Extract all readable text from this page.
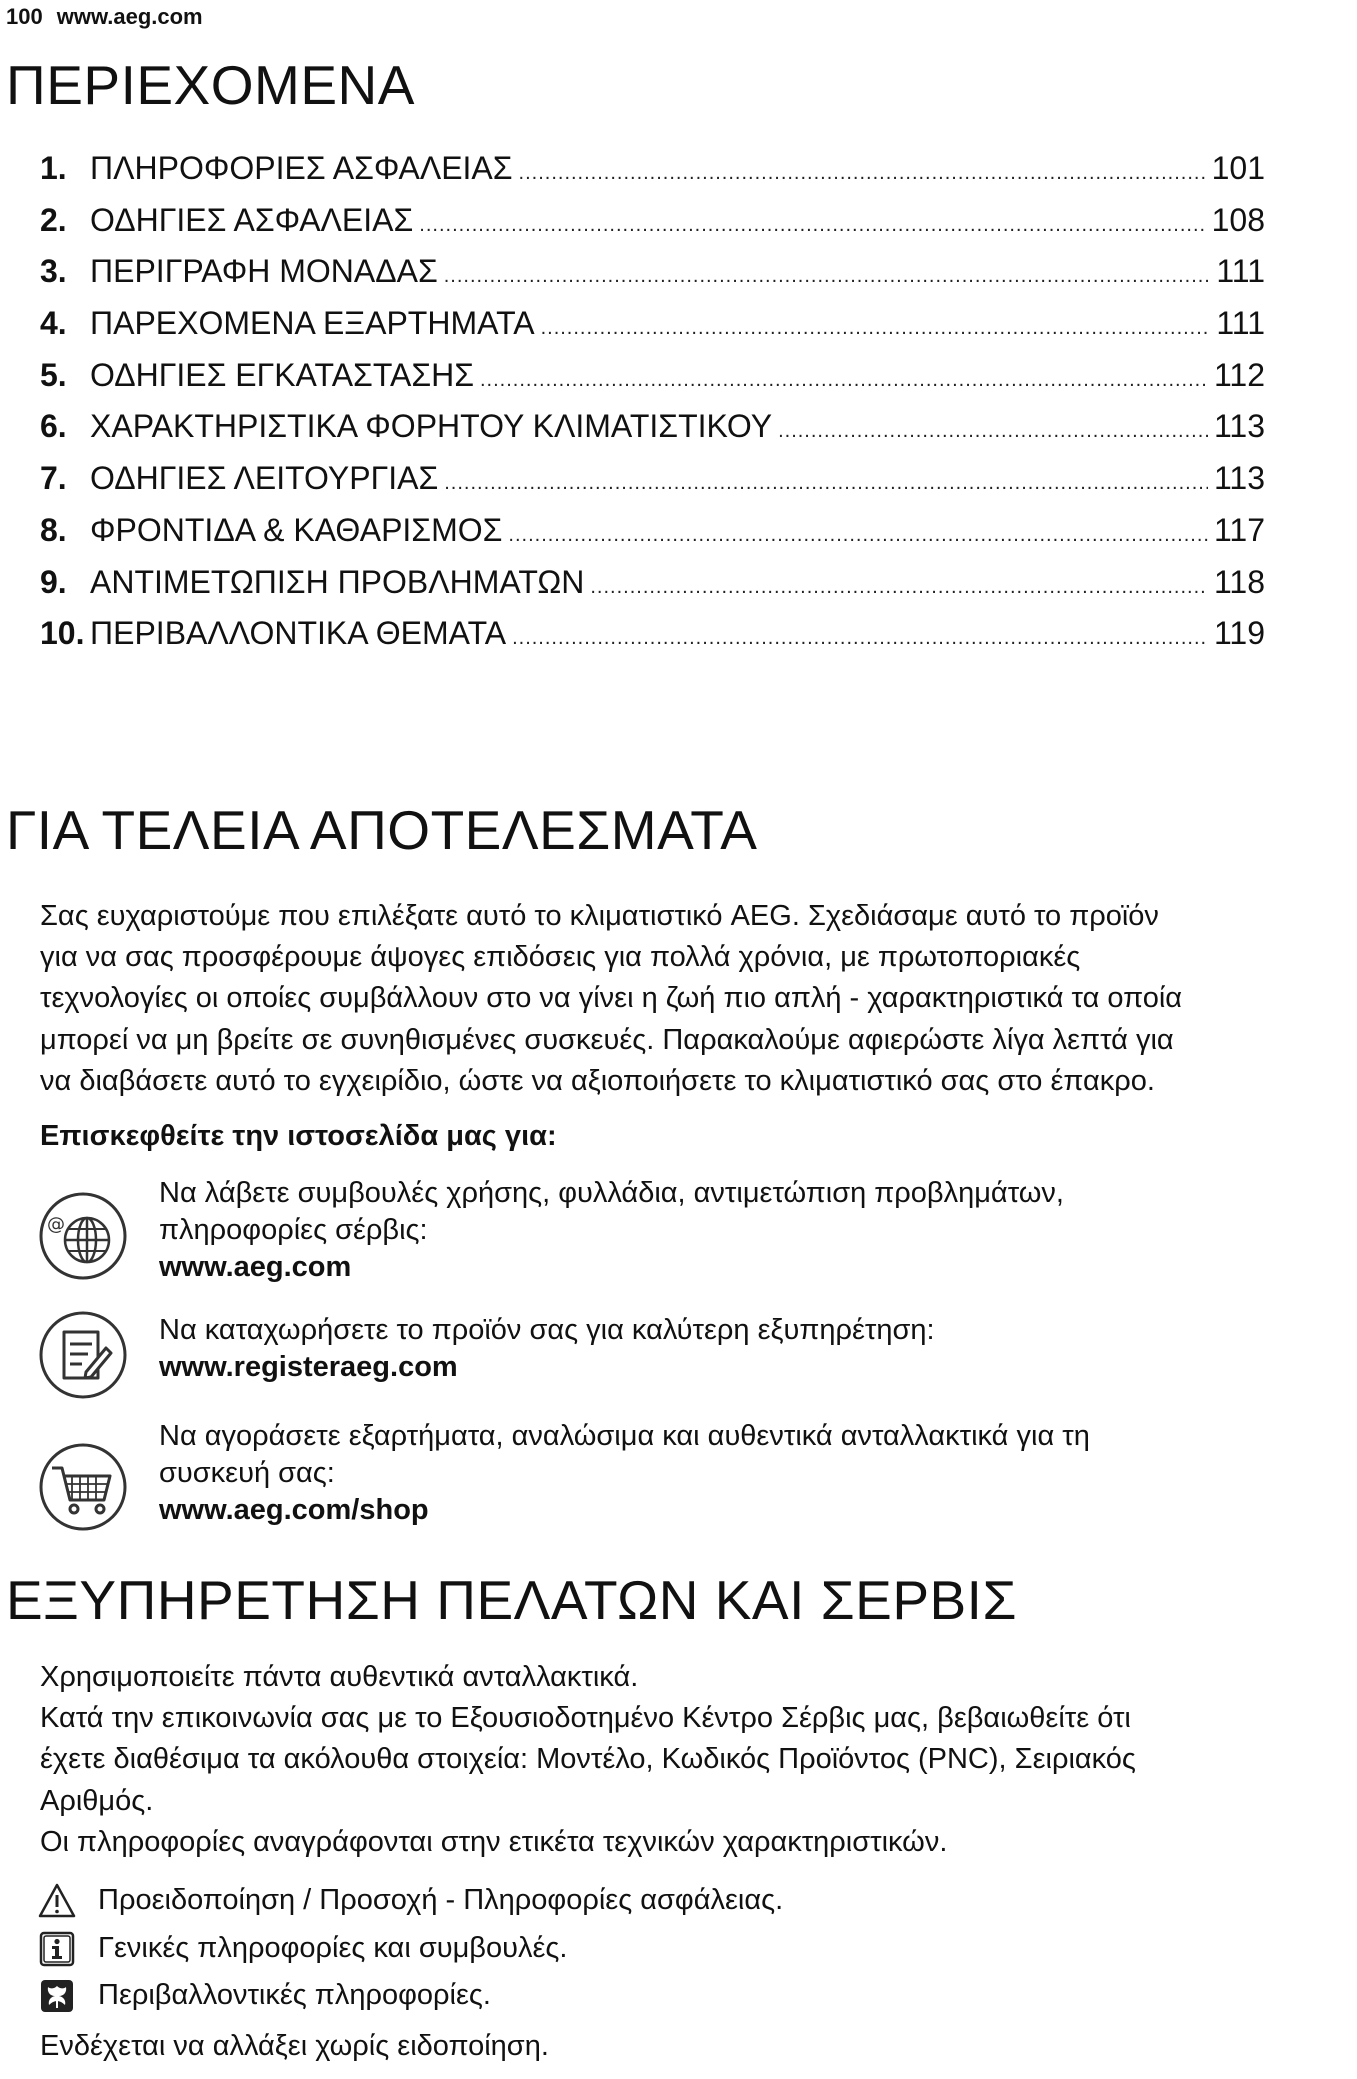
100 www.aeg.com
ΠΕΡΙΕΧΟΜΕΝΑ
1. ΠΛΗΡΟΦΟΡΙΕΣ ΑΣΦΑΛΕΙΑΣ .....	101
2. ΟΔΗΓΙΕΣ ΑΣΦΑΛΕΙΑΣ .....	108
3. ΠΕΡΙΓΡΑΦΗ ΜΟΝΑΔΑΣ .....	111
4. ΠΑΡΕΧΟΜΕΝΑ ΕΞΑΡΤΗΜΑΤΑ .....	111
5. ΟΔΗΓΙΕΣ ΕΓΚΑΤΑΣΤΑΣΗΣ .....	112
6. ΧΑΡΑΚΤΗΡΙΣΤΙΚΑ ΦΟΡΗΤΟΥ ΚΛΙΜΑΤΙΣΤΙΚΟΥ .....	113
7. ΟΔΗΓΙΕΣ ΛΕΙΤΟΥΡΓΙΑΣ .....	113
8. ΦΡΟΝΤΙΔΑ & ΚΑΘΑΡΙΣΜΟΣ .....	117
9. ΑΝΤΙΜΕΤΩΠΙΣΗ ΠΡΟΒΛΗΜΑΤΩΝ .....	118
10. ΠΕΡΙΒΑΛΛΟΝΤΙΚΑ ΘΕΜΑΤΑ .....	119
ΓΙΑ ΤΕΛΕΙΑ ΑΠΟΤΕΛΕΣΜΑΤΑ

Σας ευχαριστούμε που επιλέξατε αυτό το κλιματιστικό AEG. Σχεδιάσαμε αυτό το προϊόν
για να σας προσφέρουμε άψογες επιδόσεις για πολλά χρόνια, με πρωτοποριακές
τεχνολογίες οι οποίες συμβάλλουν στο να γίνει η ζωή πιο απλή - χαρακτηριστικά τα οποία
μπορεί να μη βρείτε σε συνηθισμένες συσκευές. Παρακαλούμε αφιερώστε λίγα λεπτά για
να διαβάσετε αυτό το εγχειρίδιο, ώστε να αξιοποιήσετε το κλιματιστικό σας στο έπακρο.

Επισκεφθείτε την ιστοσελίδα μας για:

@
Να λάβετε συμβουλές χρήσης, φυλλάδια, αντιμετώπιση προβλημάτων,
πληροφορίες σέρβις:
www.aeg.com
Να καταχωρήσετε το προϊόν σας για καλύτερη εξυπηρέτηση:
www.registeraeg.com
Να αγοράσετε εξαρτήματα, αναλώσιμα και αυθεντικά ανταλλακτικά για τη
συσκευή σας:
www.aeg.com/shop
ΕΞΥΠΗΡΕΤΗΣΗ ΠΕΛΑΤΩΝ ΚΑΙ ΣΕΡΒΙΣ

Χρησιμοποιείτε πάντα αυθεντικά ανταλλακτικά.
Κατά την επικοινωνία σας με το Εξουσιοδοτημένο Κέντρο Σέρβις μας, βεβαιωθείτε ότι
έχετε διαθέσιμα τα ακόλουθα στοιχεία: Μοντέλο, Κωδικός Προϊόντος (PNC), Σειριακός
Αριθμός.
Οι πληροφορίες αναγράφονται στην ετικέτα τεχνικών χαρακτηριστικών.

Προειδοποίηση / Προσοχή - Πληροφορίες ασφάλειας.
Γενικές πληροφορίες και συμβουλές.
Περιβαλλοντικές πληροφορίες.

Ενδέχεται να αλλάξει χωρίς ειδοποίηση.
